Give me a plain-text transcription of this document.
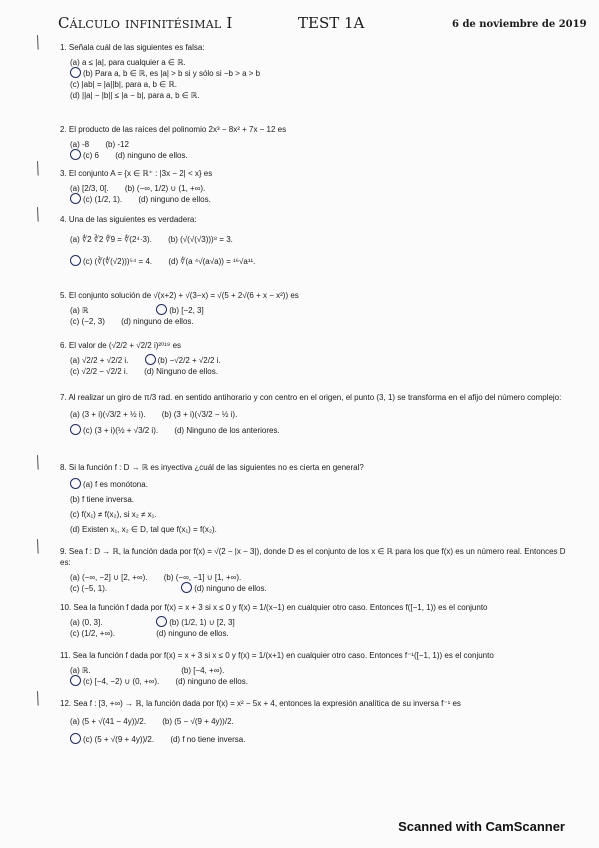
Cálculo infinitésimal I	TEST 1A	6 de noviembre de 2019
╲ 1. Señala cuál de las siguientes es falsa:
(a) a ≤ |a|, para cualquier a ∈ ℝ.
(b) Para a, b ∈ ℝ, es |a| > b si y sólo si −b > a > b
(c) |ab| = |a||b|, para a, b ∈ ℝ.
(d) ||a| − |b|| ≤ |a − b|, para a, b ∈ ℝ.
2. El producto de las raíces del polinomio 2x³ − 8x² + 7x − 12 es
(a) -8 (b) -12
(c) 6 (d) ninguno de ellos.
╲ 3. El conjunto A = {x ∈ ℝ⁺ : |3x − 2| < x} es
(a) [2/3, 0[. (b) (−∞, 1/2) ∪ (1, +∞).
(c) (1/2, 1). (d) ninguno de ellos.
╲ 4. Una de las siguientes es verdadera:
(a) ∜2 ∛2 ∜9 = ∜(2⁴·3). (b) (√(√(√3)))⁸ = 3.
(c) (∛(∜(√2)))⁵⁴ = 4. (d) ∜(a ⁴√(a√a)) = ¹⁶√a¹¹.
5. El conjunto solución de √(x+2) + √(3−x) = √(5 + 2√(6 + x − x²)) es
(a) ℝ	(b) [−2, 3]
(c) (−2, 3) (d) ninguno de ellos.
6. El valor de (√2/2 + √2/2 i)²⁰¹⁹ es
(a) √2/2 + √2/2 i.	(b) −√2/2 + √2/2 i.
(c) √2/2 − √2/2 i. (d) Ninguno de ellos.
7. Al realizar un giro de π/3 rad. en sentido antihorario y con centro en el origen, el punto (3, 1) se transforma en el afijo del número complejo:
(a) (3 + i)(√3/2 + ½ i). (b) (3 + i)(√3/2 − ½ i).
(c) (3 + i)(½ + √3/2 i). (d) Ninguno de los anteriores.
╲ 8. Si la función f : D → ℝ es inyectiva ¿cuál de las siguientes no es cierta en general?
(a) f es monótona.
(b) f tiene inversa.
(c) f(x₁) ≠ f(x₂), si x₂ ≠ x₁.
(d) Existen x₁, x₂ ∈ D, tal que f(x₁) = f(x₂).
╲ 9. Sea f : D → ℝ, la función dada por f(x) = √(2 − |x − 3|), donde D es el conjunto de los x ∈ ℝ para los que f(x) es un número real. Entonces D es:
(a) (−∞, −2] ∪ [2, +∞). (b) (−∞, −1] ∪ [1, +∞).
(c) (−5, 1).	(d) ninguno de ellos.
10. Sea la función f dada por f(x) = x + 3 si x ≤ 0 y f(x) = 1/(x−1) en cualquier otro caso. Entonces f([−1, 1)) es el conjunto
(a) (0, 3].	(b) (1/2, 1) ∪ [2, 3]
(c) (1/2, +∞).	(d) ninguno de ellos.
11. Sea la función f dada por f(x) = x + 3 si x ≤ 0 y f(x) = 1/(x+1) en cualquier otro caso. Entonces f⁻¹([−1, 1)) es el conjunto
(a) ℝ.	(b) [−4, +∞).
(c) [−4, −2) ∪ (0, +∞). (d) ninguno de ellos.
╲ 12. Sea f : [3, +∞) → ℝ, la función dada por f(x) = x² − 5x + 4, entonces la expresión analítica de su inversa f⁻¹ es
(a) (5 + √(41 − 4y))/2. (b) (5 − √(9 + 4y))/2.
(c) (5 + √(9 + 4y))/2. (d) f no tiene inversa.
Scanned with CamScanner
